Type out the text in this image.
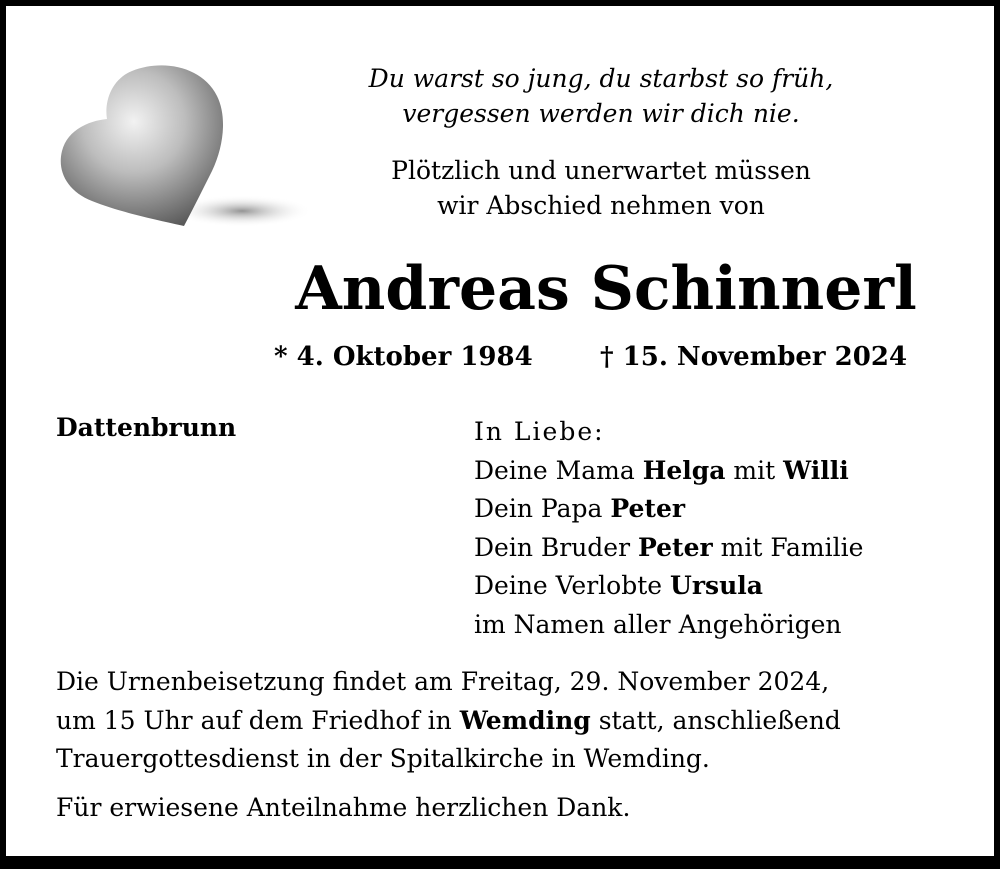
Du warst so jung, du starbst so früh,
vergessen werden wir dich nie.
Plötzlich und unerwartet müssen
wir Abschied nehmen von
Andreas Schinnerl
* 4. Oktober 1984	† 15. November 2024
Dattenbrunn	In Liebe:
Deine Mama Helga mit Willi
Dein Papa Peter
Dein Bruder Peter mit Familie
Deine Verlobte Ursula
im Namen aller Angehörigen
Die Urnenbeisetzung findet am Freitag, 29. November 2024,
um 15 Uhr auf dem Friedhof in Wemding statt, anschließend
Trauergottesdienst in der Spitalkirche in Wemding.
Für erwiesene Anteilnahme herzlichen Dank.
